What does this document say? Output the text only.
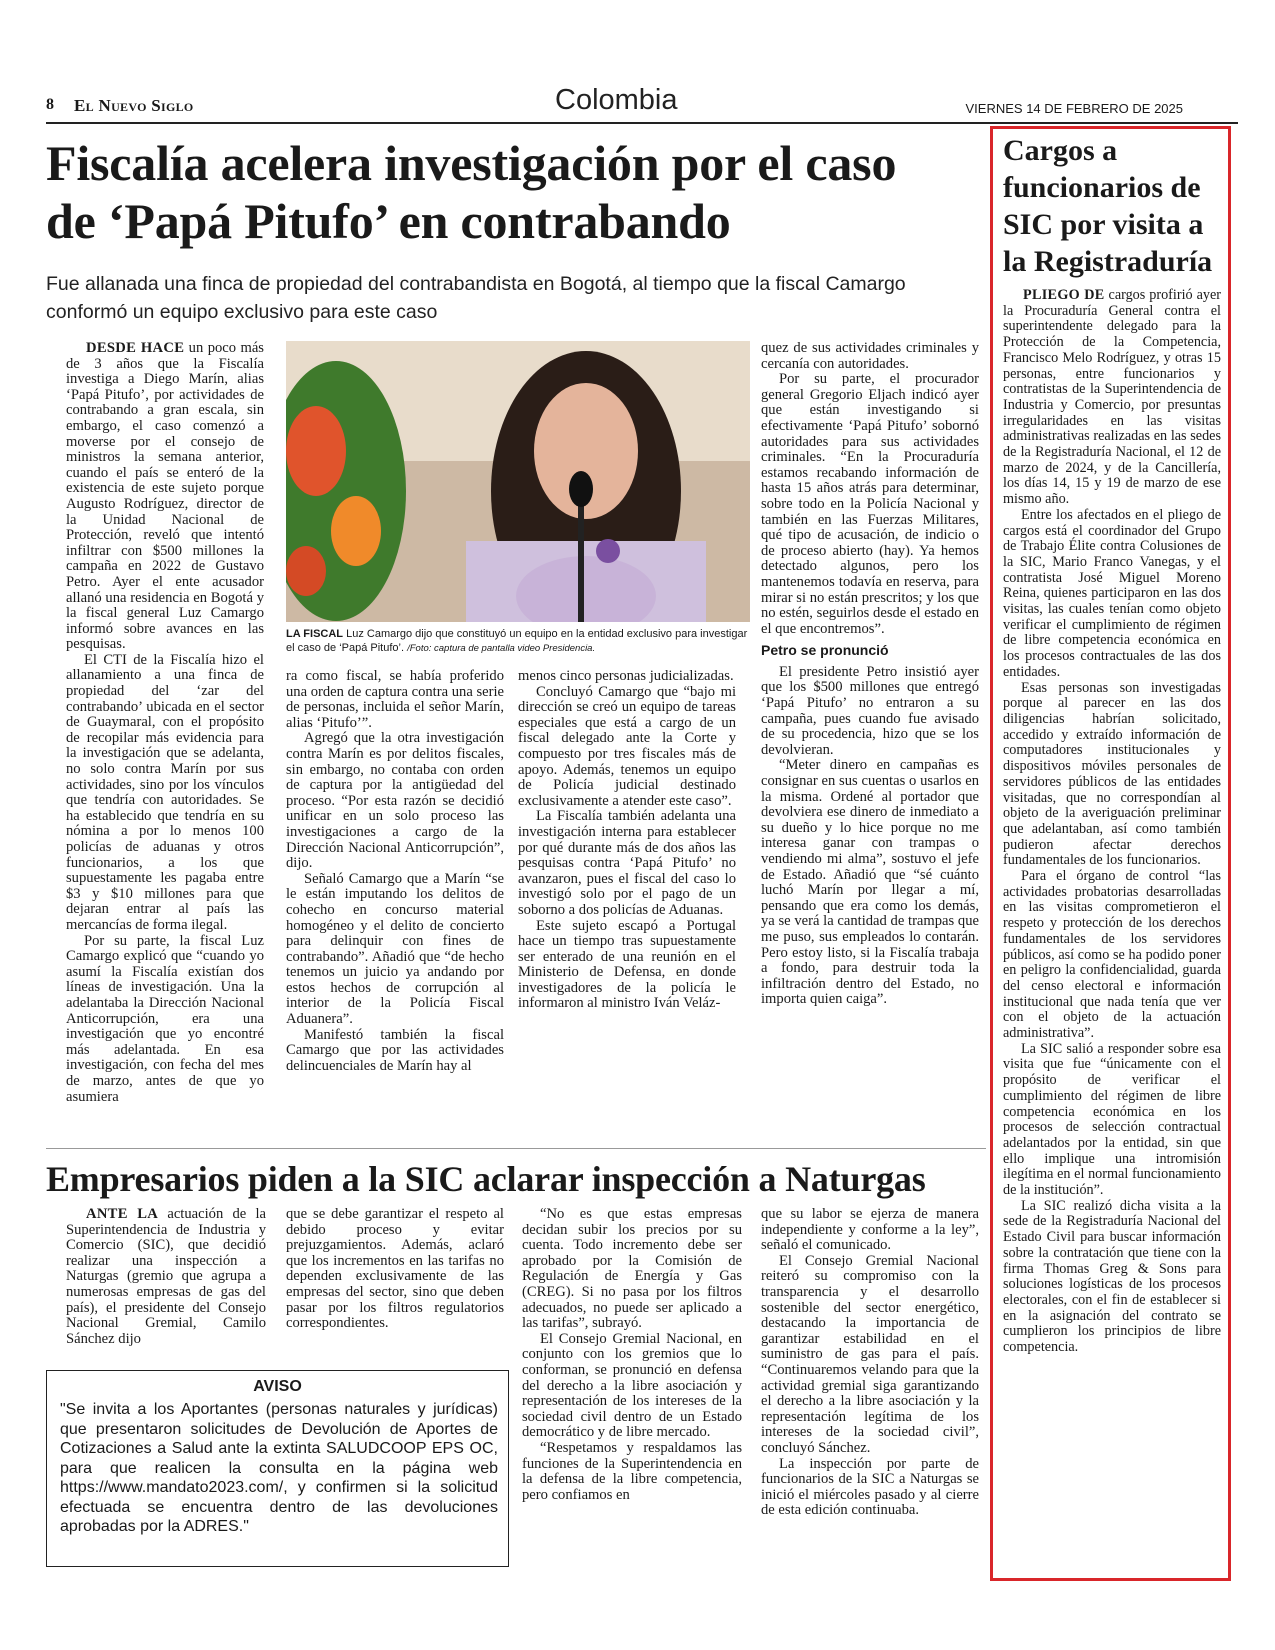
8 El Nuevo Siglo	Colombia	VIERNES 14 DE FEBRERO DE 2025
Fiscalía acelera investigación por el caso de ‘Papá Pitufo’ en contrabando
Fue allanada una finca de propiedad del contrabandista en Bogotá, al tiempo que la fiscal Camargo conformó un equipo exclusivo para este caso

DESDE HACE un poco más de 3 años que la Fiscalía investiga a Diego Marín, alias ‘Papá Pitufo’, por actividades de contrabando a gran escala, sin embargo, el caso comenzó a moverse por el consejo de ministros la semana anterior, cuando el país se enteró de la existencia de este sujeto porque Augusto Rodríguez, director de la Unidad Nacional de Protección, reveló que intentó infiltrar con $500 millones la campaña en 2022 de Gustavo Petro. Ayer el ente acusador allanó una residencia en Bogotá y la fiscal general Luz Camargo informó sobre avances en las pesquisas.

El CTI de la Fiscalía hizo el allanamiento a una finca de propiedad del ‘zar del contrabando’ ubicada en el sector de Guaymaral, con el propósito de recopilar más evidencia para la investigación que se adelanta, no solo contra Marín por sus actividades, sino por los vínculos que tendría con autoridades. Se ha establecido que tendría en su nómina a por lo menos 100 policías de aduanas y otros funcionarios, a los que supuestamente les pagaba entre $3 y $10 millones para que dejaran entrar al país las mercancías de forma ilegal.

Por su parte, la fiscal Luz Camargo explicó que “cuando yo asumí la Fiscalía existían dos líneas de investigación. Una la adelantaba la Dirección Nacional Anticorrupción, era una investigación que yo encontré más adelantada. En esa investigación, con fecha del mes de marzo, antes de que yo asumiera

LA FISCAL Luz Camargo dijo que constituyó un equipo en la entidad exclusivo para investigar el caso de ‘Papá Pitufo’. /Foto: captura de pantalla video Presidencia.

ra como fiscal, se había proferido una orden de captura contra una serie de personas, incluida el señor Marín, alias ‘Pitufo’”.

Agregó que la otra investigación contra Marín es por delitos fiscales, sin embargo, no contaba con orden de captura por la antigüedad del proceso. “Por esta razón se decidió unificar en un solo proceso las investigaciones a cargo de la Dirección Nacional Anticorrupción”, dijo.

Señaló Camargo que a Marín “se le están imputando los delitos de cohecho en concurso material homogéneo y el delito de concierto para delinquir con fines de contrabando”. Añadió que “de hecho tenemos un juicio ya andando por estos hechos de corrupción al interior de la Policía Fiscal Aduanera”.

Manifestó también la fiscal Camargo que por las actividades delincuenciales de Marín hay al

menos cinco personas judicializadas.

Concluyó Camargo que “bajo mi dirección se creó un equipo de tareas especiales que está a cargo de un fiscal delegado ante la Corte y compuesto por tres fiscales más de apoyo. Además, tenemos un equipo de Policía judicial destinado exclusivamente a atender este caso”.

La Fiscalía también adelanta una investigación interna para establecer por qué durante más de dos años las pesquisas contra ‘Papá Pitufo’ no avanzaron, pues el fiscal del caso lo investigó solo por el pago de un soborno a dos policías de Aduanas.

Este sujeto escapó a Portugal hace un tiempo tras supuestamente ser enterado de una reunión en el Ministerio de Defensa, en donde investigadores de la policía le informaron al ministro Iván Veláz-

quez de sus actividades criminales y cercanía con autoridades.

Por su parte, el procurador general Gregorio Eljach indicó ayer que están investigando si efectivamente ‘Papá Pitufo’ sobornó autoridades para sus actividades criminales. “En la Procuraduría estamos recabando información de hasta 15 años atrás para determinar, sobre todo en la Policía Nacional y también en las Fuerzas Militares, qué tipo de acusación, de indicio o de proceso abierto (hay). Ya hemos detectado algunos, pero los mantenemos todavía en reserva, para mirar si no están prescritos; y los que no estén, seguirlos desde el estado en el que encontremos”.

Petro se pronunció

El presidente Petro insistió ayer que los $500 millones que entregó ‘Papá Pitufo’ no entraron a su campaña, pues cuando fue avisado de su procedencia, hizo que se los devolvieran.

“Meter dinero en campañas es consignar en sus cuentas o usarlos en la misma. Ordené al portador que devolviera ese dinero de inmediato a su dueño y lo hice porque no me interesa ganar con trampas o vendiendo mi alma”, sostuvo el jefe de Estado. Añadió que “sé cuánto luchó Marín por llegar a mí, pensando que era como los demás, ya se verá la cantidad de trampas que me puso, sus empleados lo contarán. Pero estoy listo, si la Fiscalía trabaja a fondo, para destruir toda la infiltración dentro del Estado, no importa quien caiga”.

Cargos a funcionarios de SIC por visita a la Registraduría

PLIEGO DE cargos profirió ayer la Procuraduría General contra el superintendente delegado para la Protección de la Competencia, Francisco Melo Rodríguez, y otras 15 personas, entre funcionarios y contratistas de la Superintendencia de Industria y Comercio, por presuntas irregularidades en las visitas administrativas realizadas en las sedes de la Registraduría Nacional, el 12 de marzo de 2024, y de la Cancillería, los días 14, 15 y 19 de marzo de ese mismo año.

Entre los afectados en el pliego de cargos está el coordinador del Grupo de Trabajo Élite contra Colusiones de la SIC, Mario Franco Vanegas, y el contratista José Miguel Moreno Reina, quienes participaron en las dos visitas, las cuales tenían como objeto verificar el cumplimiento de régimen de libre competencia económica en los procesos contractuales de las dos entidades.

Esas personas son investigadas porque al parecer en las dos diligencias habrían solicitado, accedido y extraído información de computadores institucionales y dispositivos móviles personales de servidores públicos de las entidades visitadas, que no correspondían al objeto de la averiguación preliminar que adelantaban, así como también pudieron afectar derechos fundamentales de los funcionarios.

Para el órgano de control “las actividades probatorias desarrolladas en las visitas comprometieron el respeto y protección de los derechos fundamentales de los servidores públicos, así como se ha podido poner en peligro la confidencialidad, guarda del censo electoral e información institucional que nada tenía que ver con el objeto de la actuación administrativa”.

La SIC salió a responder sobre esa visita que fue “únicamente con el propósito de verificar el cumplimiento del régimen de libre competencia económica en los procesos de selección contractual adelantados por la entidad, sin que ello implique una intromisión ilegítima en el normal funcionamiento de la institución”.

La SIC realizó dicha visita a la sede de la Registraduría Nacional del Estado Civil para buscar información sobre la contratación que tiene con la firma Thomas Greg & Sons para soluciones logísticas de los procesos electorales, con el fin de establecer si en la asignación del contrato se cumplieron los principios de libre competencia.

Empresarios piden a la SIC aclarar inspección a Naturgas

ANTE LA actuación de la Superintendencia de Industria y Comercio (SIC), que decidió realizar una inspección a Naturgas (gremio que agrupa a numerosas empresas de gas del país), el presidente del Consejo Nacional Gremial, Camilo Sánchez dijo

que se debe garantizar el respeto al debido proceso y evitar prejuzgamientos. Además, aclaró que los incrementos en las tarifas no dependen exclusivamente de las empresas del sector, sino que deben pasar por los filtros regulatorios correspondientes.

“No es que estas empresas decidan subir los precios por su cuenta. Todo incremento debe ser aprobado por la Comisión de Regulación de Energía y Gas (CREG). Si no pasa por los filtros adecuados, no puede ser aplicado a las tarifas”, subrayó.

El Consejo Gremial Nacional, en conjunto con los gremios que lo conforman, se pronunció en defensa del derecho a la libre asociación y representación de los intereses de la sociedad civil dentro de un Estado democrático y de libre mercado.

“Respetamos y respaldamos las funciones de la Superintendencia en la defensa de la libre competencia, pero confiamos en

que su labor se ejerza de manera independiente y conforme a la ley”, señaló el comunicado.

El Consejo Gremial Nacional reiteró su compromiso con la transparencia y el desarrollo sostenible del sector energético, destacando la importancia de garantizar estabilidad en el suministro de gas para el país. “Continuaremos velando para que la actividad gremial siga garantizando el derecho a la libre asociación y la representación legítima de los intereses de la sociedad civil”, concluyó Sánchez.

La inspección por parte de funcionarios de la SIC a Naturgas se inició el miércoles pasado y al cierre de esta edición continuaba.

AVISO
"Se invita a los Aportantes (personas naturales y jurídicas) que presentaron solicitudes de Devolución de Aportes de Cotizaciones a Salud ante la extinta SALUDCOOP EPS OC, para que realicen la consulta en la página web https://www.mandato2023.com/, y confirmen si la solicitud efectuada se encuentra dentro de las devoluciones aprobadas por la ADRES."
